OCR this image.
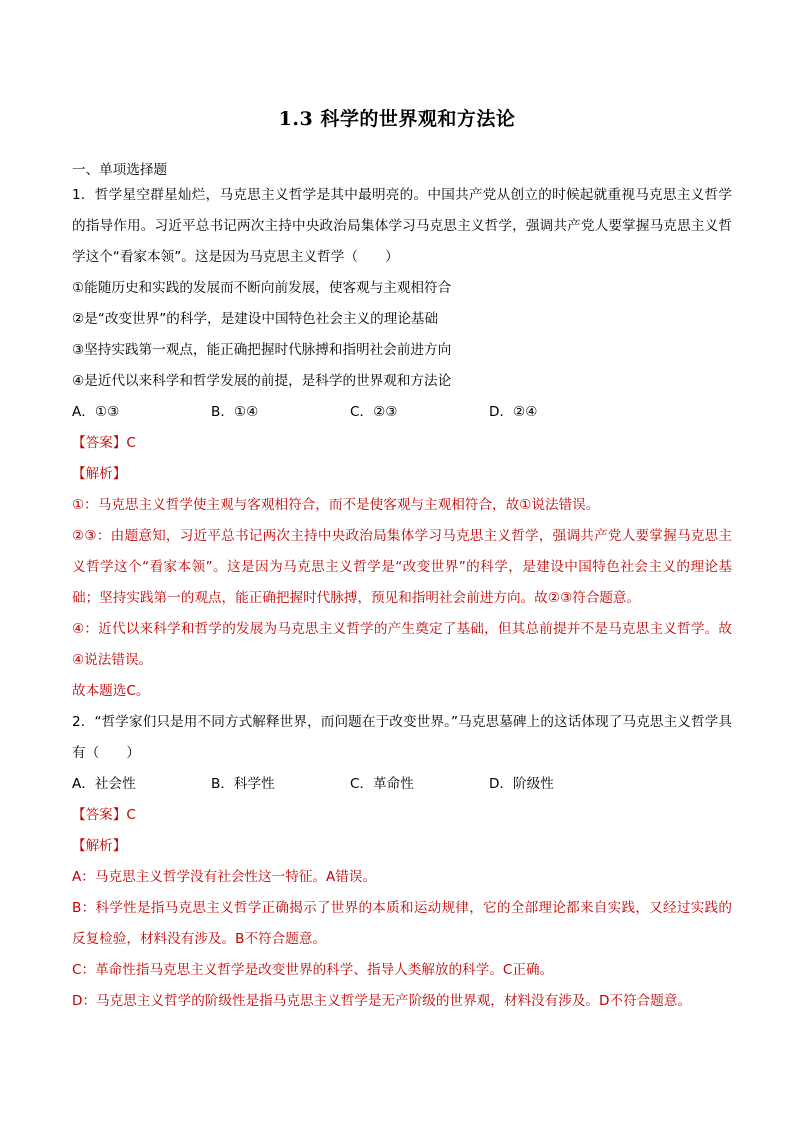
1.3 科学的世界观和方法论
一、单项选择题
1．哲学星空群星灿烂，马克思主义哲学是其中最明亮的。中国共产党从创立的时候起就重视马克思主义哲学的指导作用。习近平总书记两次主持中央政治局集体学习马克思主义哲学，强调共产党人要掌握马克思主义哲学这个“看家本领”。这是因为马克思主义哲学（　　）
①能随历史和实践的发展而不断向前发展，使客观与主观相符合
②是“改变世界”的科学，是建设中国特色社会主义的理论基础
③坚持实践第一观点，能正确把握时代脉搏和指明社会前进方向
④是近代以来科学和哲学发展的前提，是科学的世界观和方法论
A．①③	B．①④	C．②③	D．②④
【答案】C
【解析】
①：马克思主义哲学使主观与客观相符合，而不是使客观与主观相符合，故①说法错误。
②③：由题意知，习近平总书记两次主持中央政治局集体学习马克思主义哲学，强调共产党人要掌握马克思主义哲学这个“看家本领”。这是因为马克思主义哲学是“改变世界”的科学，是建设中国特色社会主义的理论基础；坚持实践第一的观点，能正确把握时代脉搏，预见和指明社会前进方向。故②③符合题意。
④：近代以来科学和哲学的发展为马克思主义哲学的产生奠定了基础，但其总前提并不是马克思主义哲学。故④说法错误。
故本题选C。
2．“哲学家们只是用不同方式解释世界，而问题在于改变世界。”马克思墓碑上的这话体现了马克思主义哲学具有（　　）
A．社会性	B．科学性	C．革命性	D．阶级性
【答案】C
【解析】
A：马克思主义哲学没有社会性这一特征。A错误。
B：科学性是指马克思主义哲学正确揭示了世界的本质和运动规律，它的全部理论都来自实践，又经过实践的反复检验，材料没有涉及。B不符合题意。
C：革命性指马克思主义哲学是改变世界的科学、指导人类解放的科学。C正确。
D：马克思主义哲学的阶级性是指马克思主义哲学是无产阶级的世界观，材料没有涉及。D不符合题意。
